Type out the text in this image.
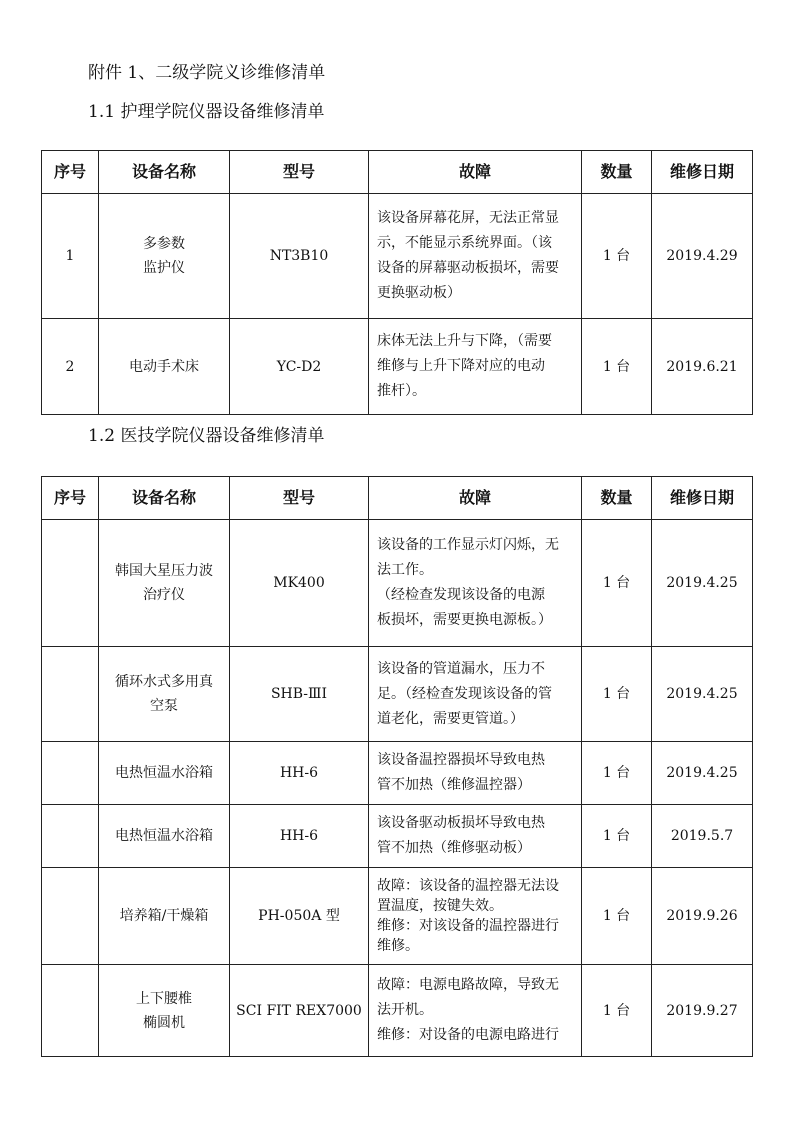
附件 1、二级学院义诊维修清单
1.1 护理学院仪器设备维修清单
序号	设备名称	型号	故障	数量	维修日期
1	多参数
监护仪	NT3B10	该设备屏幕花屏，无法正常显
示，不能显示系统界面。（该
设备的屏幕驱动板损坏，需要
更换驱动板）	1 台	2019.4.29
2	电动手术床	YC-D2	床体无法上升与下降，（需要
维修与上升下降对应的电动
推杆）。	1 台	2019.6.21
1.2 医技学院仪器设备维修清单
序号	设备名称	型号	故障	数量	维修日期

	韩国大星压力波
治疗仪	MK400	该设备的工作显示灯闪烁，无
法工作。
（经检查发现该设备的电源
板损坏，需要更换电源板。）	1 台	2019.4.25

	循环水式多用真
空泵	SHB-ⅢI	该设备的管道漏水，压力不
足。（经检查发现该设备的管
道老化，需要更管道。）	1 台	2019.4.25

	电热恒温水浴箱	HH-6	该设备温控器损坏导致电热
管不加热（维修温控器）	1 台	2019.4.25

	电热恒温水浴箱	HH-6	该设备驱动板损坏导致电热
管不加热（维修驱动板）	1 台	2019.5.7

	培养箱/干燥箱	PH-050A 型	故障：该设备的温控器无法设
置温度，按键失效。
维修：对该设备的温控器进行
维修。	1 台	2019.9.26

	上下腰椎
椭圆机	SCI FIT REX7000	故障：电源电路故障，导致无
法开机。
维修：对设备的电源电路进行	1 台	2019.9.27
